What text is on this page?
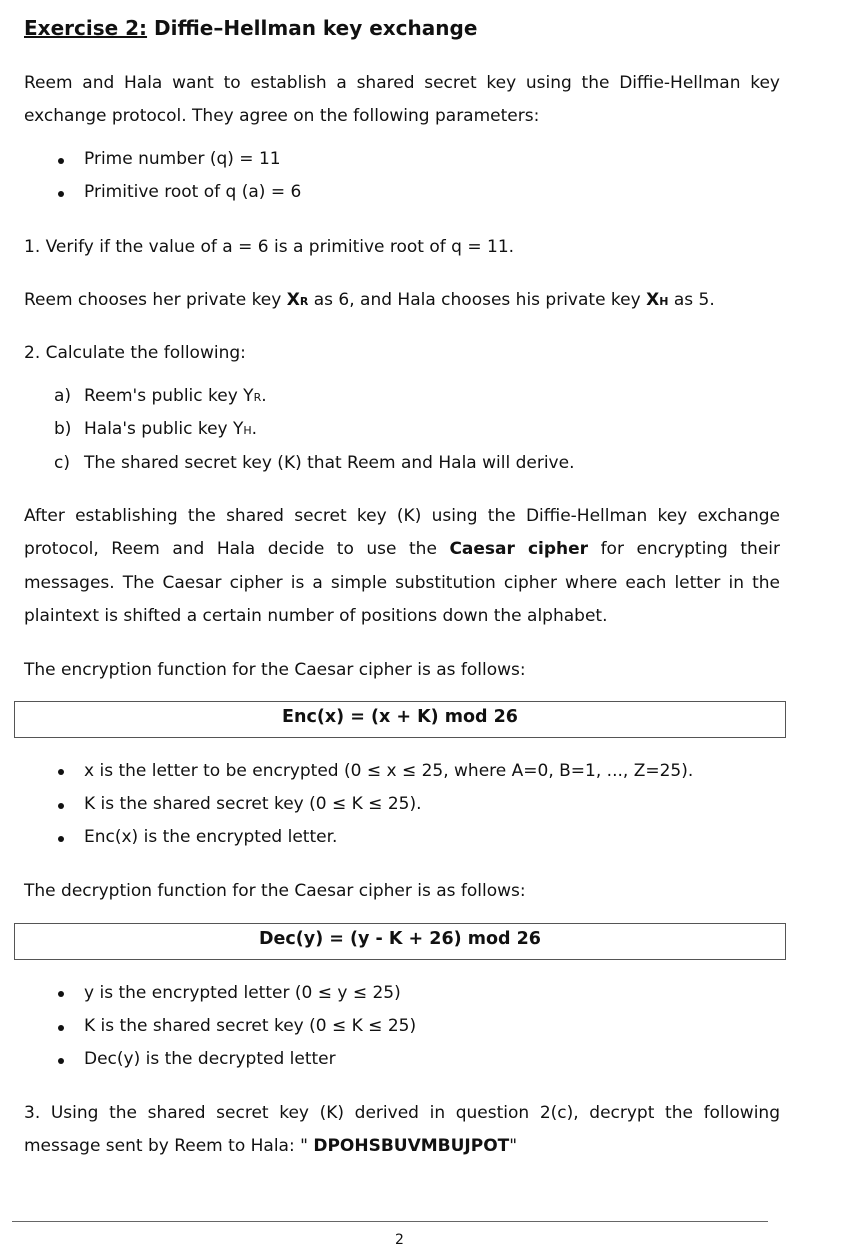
Exercise 2: Diffie–Hellman key exchange
Reem and Hala want to establish a shared secret key using the Diffie-Hellman key exchange protocol. They agree on the following parameters:
Prime number (q) = 11
Primitive root of q (a) = 6
1. Verify if the value of a = 6 is a primitive root of q = 11.
Reem chooses her private key XR as 6, and Hala chooses his private key XH as 5.
2. Calculate the following:
a) Reem's public key YR.
b) Hala's public key YH.
c) The shared secret key (K) that Reem and Hala will derive.
After establishing the shared secret key (K) using the Diffie-Hellman key exchange protocol, Reem and Hala decide to use the Caesar cipher for encrypting their messages. The Caesar cipher is a simple substitution cipher where each letter in the plaintext is shifted a certain number of positions down the alphabet.
The encryption function for the Caesar cipher is as follows:
Enc(x) = (x + K) mod 26
x is the letter to be encrypted (0 ≤ x ≤ 25, where A=0, B=1, ..., Z=25).
K is the shared secret key (0 ≤ K ≤ 25).
Enc(x) is the encrypted letter.
The decryption function for the Caesar cipher is as follows:
Dec(y) = (y - K + 26) mod 26
y is the encrypted letter (0 ≤ y ≤ 25)
K is the shared secret key (0 ≤ K ≤ 25)
Dec(y) is the decrypted letter
3. Using the shared secret key (K) derived in question 2(c), decrypt the following message sent by Reem to Hala: " DPOHSBUVMBUJPOT"
2
